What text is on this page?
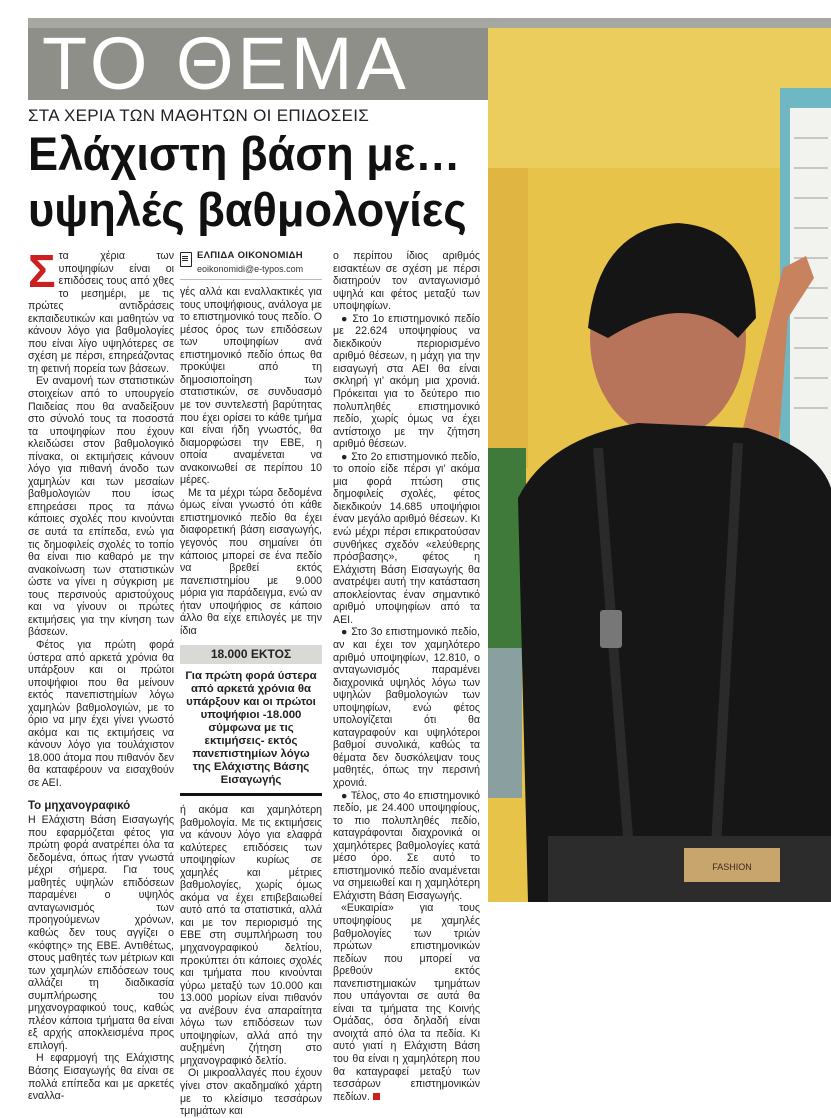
ΤΟ ΘΕΜΑ
ΣΤΑ ΧΕΡΙΑ ΤΩΝ ΜΑΘΗΤΩΝ ΟΙ ΕΠΙΔΟΣΕΙΣ
Ελάχιστη βάση με…
υψηλές βαθμολογίες

Στα χέρια των υποψηφίων είναι οι επιδόσεις τους από χθες το μεσημέρι, με τις πρώτες αντιδράσεις εκπαιδευτικών και μαθητών να κάνουν λόγο για βαθμολογίες που είναι λίγο υψηλότερες σε σχέση με πέρσι, επηρεάζοντας τη φετινή πορεία των βάσεων.

Εν αναμονή των στατιστικών στοιχείων από το υπουργείο Παιδείας που θα αναδείξουν στο σύνολό τους τα ποσοστά τα υποψηφίων που έχουν κλειδώσει στον βαθμολογικό πίνακα, οι εκτιμήσεις κάνουν λόγο για πιθανή άνοδο των χαμηλών και των μεσαίων βαθμολογιών που ίσως επηρεάσει προς τα πάνω κάποιες σχολές που κινούνται σε αυτά τα επίπεδα, ενώ για τις δημοφιλείς σχολές το τοπίο θα είναι πιο καθαρό με την ανακοίνωση των στατιστικών ώστε να γίνει η σύγκριση με τους περσινούς αριστούχους και να γίνουν οι πρώτες εκτιμήσεις για την κίνηση των βάσεων.

Φέτος για πρώτη φορά ύστερα από αρκετά χρόνια θα υπάρξουν και οι πρώτοι υποψήφιοι που θα μείνουν εκτός πανεπιστημίων λόγω χαμηλών βαθμολογιών, με το όριο να μην έχει γίνει γνωστό ακόμα και τις εκτιμήσεις να κάνουν λόγο για τουλάχιστον 18.000 άτομα που πιθανόν δεν θα καταφέρουν να εισαχθούν σε ΑΕΙ.

Το μηχανογραφικό

Η Ελάχιστη Βάση Εισαγωγής που εφαρμόζεται φέτος για πρώτη φορά ανατρέπει όλα τα δεδομένα, όπως ήταν γνωστά μέχρι σήμερα. Για τους μαθητές υψηλών επιδόσεων παραμένει ο υψηλός ανταγωνισμός των προηγούμενων χρόνων, καθώς δεν τους αγγίζει ο «κόφτης» της ΕΒΕ. Αντιθέτως, στους μαθητές των μέτριων και των χαμηλών επιδόσεων τους αλλάζει τη διαδικασία συμπλήρωσης του μηχανογραφικού τους, καθώς πλέον κάποια τμήματα θα είναι εξ αρχής αποκλεισμένα προς επιλογή.

Η εφαρμογή της Ελάχιστης Βάσης Εισαγωγής θα είναι σε πολλά επίπεδα και με αρκετές εναλλα-

ΕΛΠΙΔΑ ΟΙΚΟΝΟΜΙΔΗ
eoikonomidi@e-typos.com

γές αλλά και εναλλακτικές για τους υποψήφιους, ανάλογα με το επιστημονικό τους πεδίο. Ο μέσος όρος των επιδόσεων των υποψηφίων ανά επιστημονικό πεδίο όπως θα προκύψει από τη δημοσιοποίηση των στατιστικών, σε συνδυασμό με τον συντελεστή βαρύτητας που έχει ορίσει το κάθε τμήμα και είναι ήδη γνωστός, θα διαμορφώσει την ΕΒΕ, η οποία αναμένεται να ανακοινωθεί σε περίπου 10 μέρες.

Με τα μέχρι τώρα δεδομένα όμως είναι γνωστό ότι κάθε επιστημονικό πεδίο θα έχει διαφορετική βάση εισαγωγής, γεγονός που σημαίνει ότι κάποιος μπορεί σε ένα πεδίο να βρεθεί εκτός πανεπιστημίου με 9.000 μόρια για παράδειγμα, ενώ αν ήταν υποψήφιος σε κάποιο άλλο θα είχε επιλογές με την ίδια

18.000 ΕΚΤΟΣ
Για πρώτη φορά ύστερα από αρκετά χρόνια θα υπάρξουν και οι πρώτοι υποψήφιοι -18.000 σύμφωνα με τις εκτιμήσεις- εκτός πανεπιστημίων λόγω της Ελάχιστης Βάσης Εισαγωγής

ή ακόμα και χαμηλότερη βαθμολογία. Με τις εκτιμήσεις να κάνουν λόγο για ελαφρά καλύτερες επιδόσεις των υποψηφίων κυρίως σε χαμηλές και μέτριες βαθμολογίες, χωρίς όμως ακόμα να έχει επιβεβαιωθεί αυτό από τα στατιστικά, αλλά και με τον περιορισμό της ΕΒΕ στη συμπλήρωση του μηχανογραφικού δελτίου, προκύπτει ότι κάποιες σχολές και τμήματα που κινούνται γύρω μεταξύ των 10.000 και 13.000 μορίων είναι πιθανόν να ανέβουν ένα απαραίτητα λόγω των επιδόσεων των υποψηφίων, αλλά από την αυξημένη ζήτηση στο μηχανογραφικό δελτίο.

Οι μικροαλλαγές που έχουν γίνει στον ακαδημαϊκό χάρτη με το κλείσιμο τεσσάρων τμημάτων και

ο περίπου ίδιος αριθμός εισακτέων σε σχέση με πέρσι διατηρούν τον ανταγωνισμό υψηλά και φέτος μεταξύ των υποψηφίων.

● Στο 1ο επιστημονικό πεδίο με 22.624 υποψηφίους να διεκδικούν περιορισμένο αριθμό θέσεων, η μάχη για την εισαγωγή στα ΑΕΙ θα είναι σκληρή γι’ ακόμη μια χρονιά. Πρόκειται για το δεύτερο πιο πολυπληθές επιστημονικό πεδίο, χωρίς όμως να έχει αντίστοιχο με την ζήτηση αριθμό θέσεων.

● Στο 2ο επιστημονικό πεδίο, το οποίο είδε πέρσι γι’ ακόμα μια φορά πτώση στις δημοφιλείς σχολές, φέτος διεκδικούν 14.685 υποψήφιοι έναν μεγάλο αριθμό θέσεων. Κι ενώ μέχρι πέρσι επικρατούσαν συνθήκες σχεδόν «ελεύθερης πρόσβασης», φέτος η Ελάχιστη Βάση Εισαγωγής θα ανατρέψει αυτή την κατάσταση αποκλείοντας έναν σημαντικό αριθμό υποψηφίων από τα ΑΕΙ.

● Στο 3ο επιστημονικό πεδίο, αν και έχει τον χαμηλότερο αριθμό υποψηφίων, 12.810, ο ανταγωνισμός παραμένει διαχρονικά υψηλός λόγω των υψηλών βαθμολογιών των υποψηφίων, ενώ φέτος υπολογίζεται ότι θα καταγραφούν και υψηλότεροι βαθμοί συνολικά, καθώς τα θέματα δεν δυσκόλεψαν τους μαθητές, όπως την περσινή χρονιά.

● Τέλος, στο 4ο επιστημονικό πεδίο, με 24.400 υποψηφίους, το πιο πολυπληθές πεδίο, καταγράφονται διαχρονικά οι χαμηλότερες βαθμολογίες κατά μέσο όρο. Σε αυτό το επιστημονικό πεδίο αναμένεται να σημειωθεί και η χαμηλότερη Ελάχιστη Βάση Εισαγωγής.

«Ευκαιρία» για τους υποψηφίους με χαμηλές βαθμολογίες των τριών πρώτων επιστημονικών πεδίων που μπορεί να βρεθούν εκτός πανεπιστημιακών τμημάτων που υπάγονται σε αυτά θα είναι τα τμήματα της Κοινής Ομάδας, όσα δηλαδή είναι ανοιχτά από όλα τα πεδία. Κι αυτό γιατί η Ελάχιστη Βάση του θα είναι η χαμηλότερη που θα καταγραφεί μεταξύ των τεσσάρων επιστημονικών πεδίων.

FASHION
